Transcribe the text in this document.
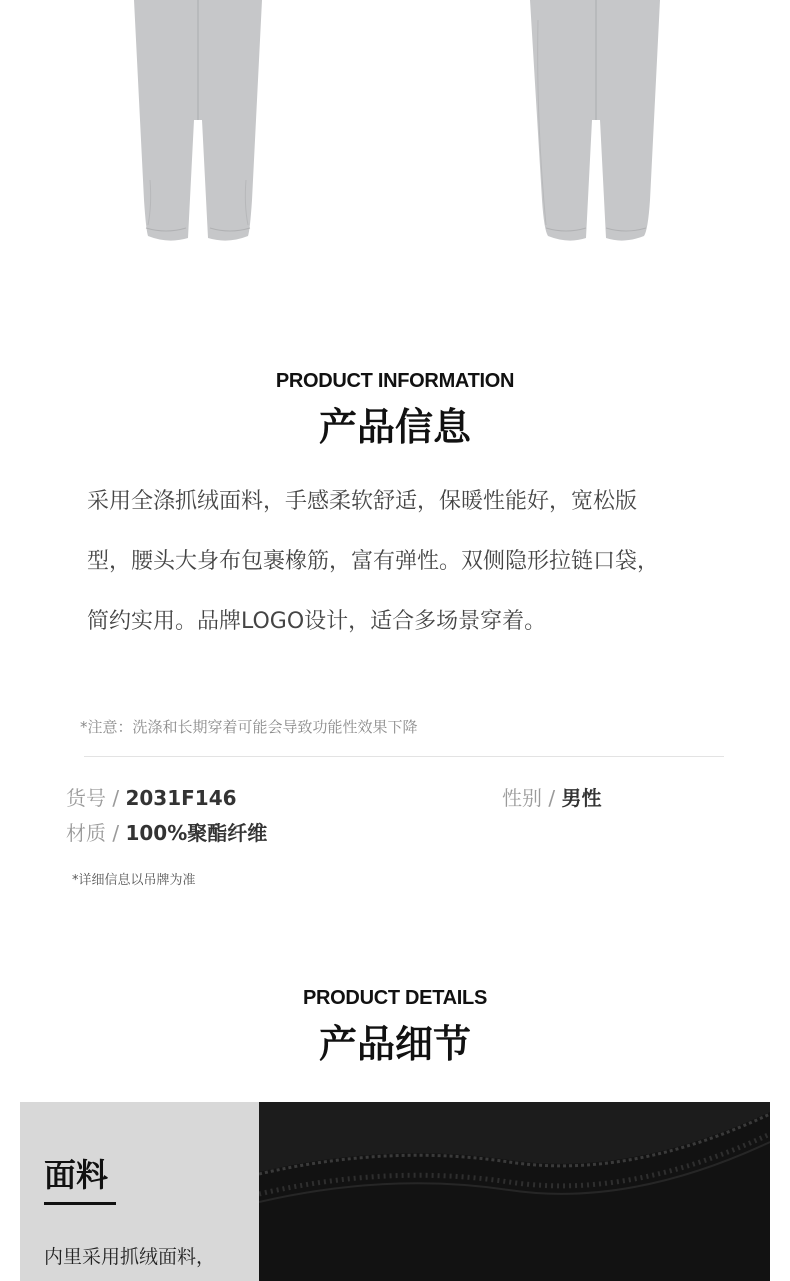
PRODUCT INFORMATION
产品信息
采用全涤抓绒面料，手感柔软舒适，保暖性能好，宽松版
型，腰头大身布包裹橡筋，富有弹性。双侧隐形拉链口袋，
简约实用。品牌LOGO设计，适合多场景穿着。
*注意：洗涤和长期穿着可能会导致功能性效果下降
货号 / 2031F146	性别 / 男性
材质 / 100%聚酯纤维
*详细信息以吊牌为准
PRODUCT DETAILS
产品细节
面料
内里采用抓绒面料，
